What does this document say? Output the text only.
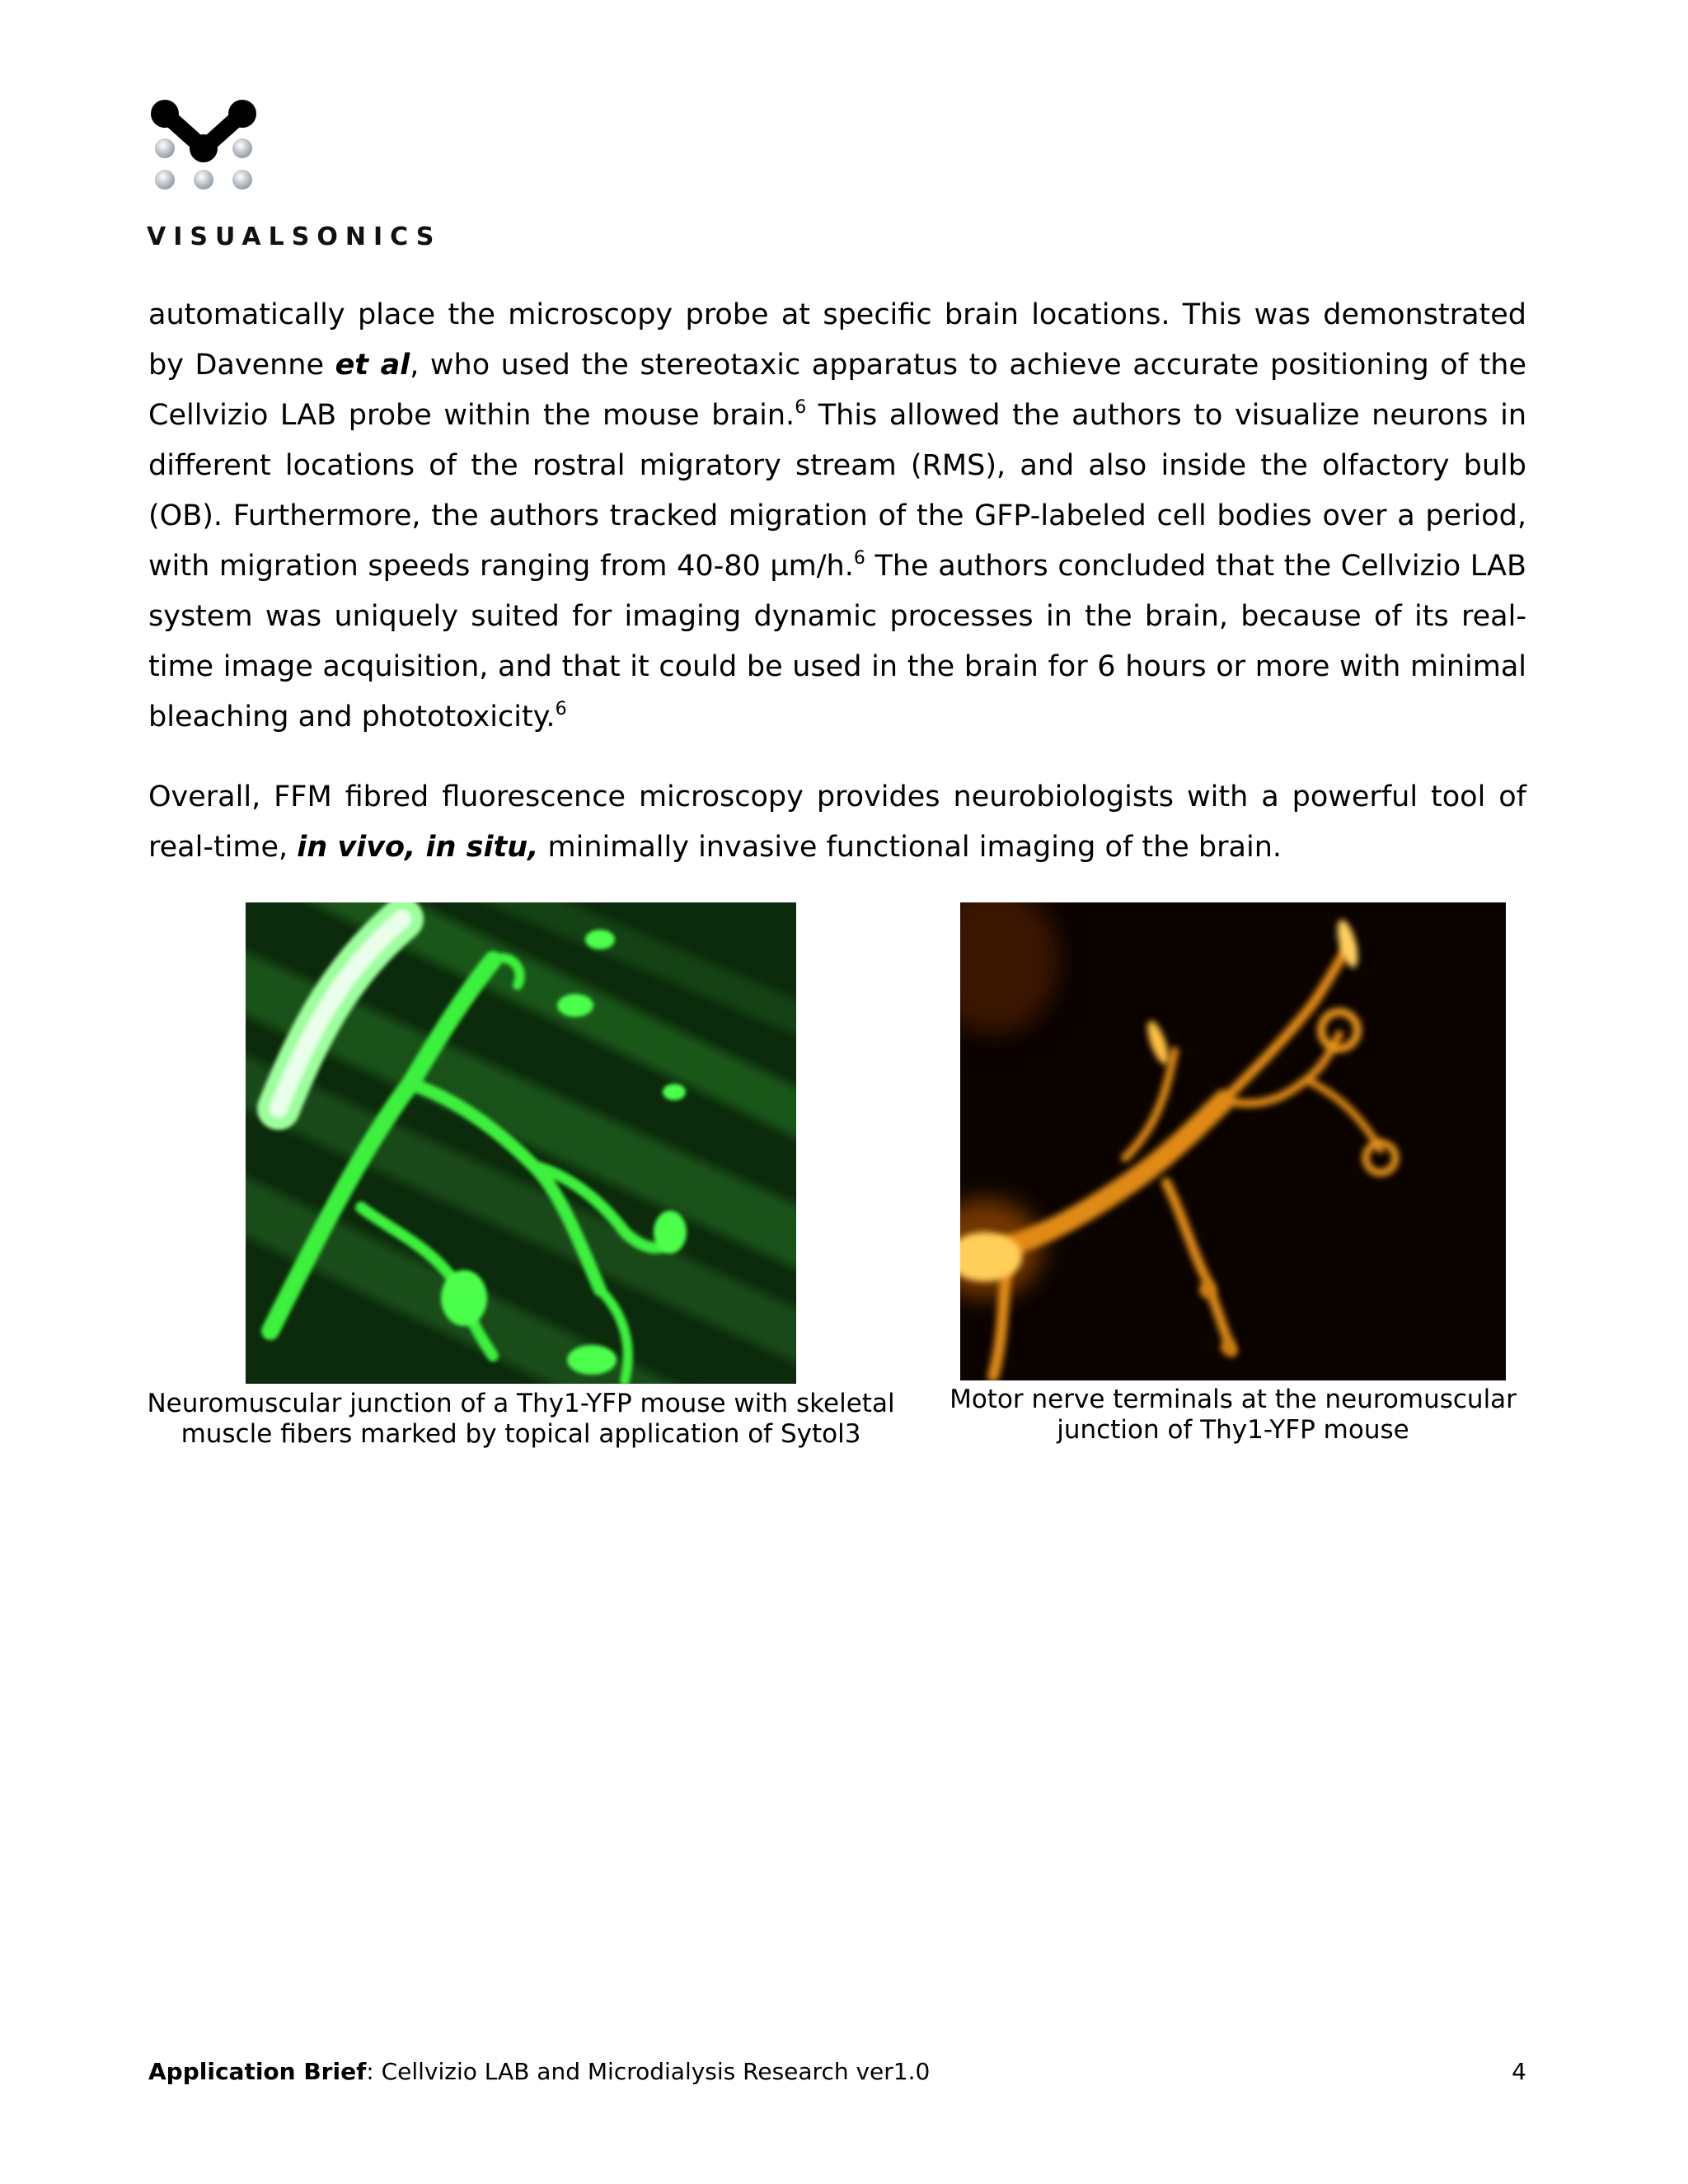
VISUALSONICS

automatically place the microscopy probe at specific brain locations. This was demonstrated by Davenne et al, who used the stereotaxic apparatus to achieve accurate positioning of the Cellvizio LAB probe within the mouse brain.$^6$ This allowed the authors to visualize neurons in different locations of the rostral migratory stream (RMS), and also inside the olfactory bulb (OB). Furthermore, the authors tracked migration of the GFP-labeled cell bodies over a period, with migration speeds ranging from 40-80 µm/h.$^6$ The authors concluded that the Cellvizio LAB system was uniquely suited for imaging dynamic processes in the brain, because of its real-time image acquisition, and that it could be used in the brain for 6 hours or more with minimal bleaching and phototoxicity.$^6$

Overall, FFM fibred fluorescence microscopy provides neurobiologists with a powerful tool of real-time, in vivo, in situ, minimally invasive functional imaging of the brain.

Neuromuscular junction of a Thy1-YFP mouse with skeletal
muscle fibers marked by topical application of Sytol3
Motor nerve terminals at the neuromuscular
junction of Thy1-YFP mouse
Application Brief: Cellvizio LAB and Microdialysis Research ver1.0	4
